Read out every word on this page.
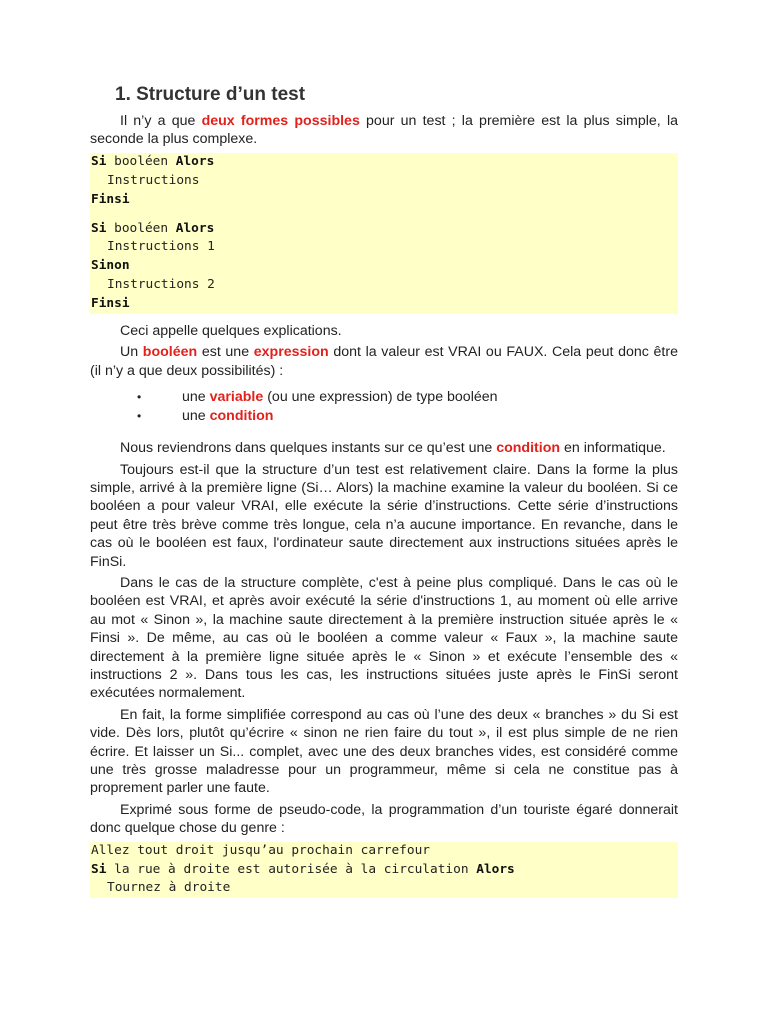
1. Structure d’un test

Il n’y a que deux formes possibles pour un test ; la première est la plus simple, la seconde la plus complexe.

Si booléen Alors
Instructions
Finsi
Si booléen Alors
Instructions 1
Sinon
Instructions 2
Finsi

Ceci appelle quelques explications.

Un booléen est une expression dont la valeur est VRAI ou FAUX. Cela peut donc être (il n’y a que deux possibilités) :

•	une variable (ou une expression) de type booléen
•	une condition

Nous reviendrons dans quelques instants sur ce qu’est une condition en informatique.

Toujours est-il que la structure d’un test est relativement claire. Dans la forme la plus simple, arrivé à la première ligne (Si… Alors) la machine examine la valeur du booléen. Si ce booléen a pour valeur VRAI, elle exécute la série d’instructions. Cette série d’instructions peut être très brève comme très longue, cela n’a aucune importance. En revanche, dans le cas où le booléen est faux, l'ordinateur saute directement aux instructions situées après le FinSi.

Dans le cas de la structure complète, c'est à peine plus compliqué. Dans le cas où le booléen est VRAI, et après avoir exécuté la série d'instructions 1, au moment où elle arrive au mot « Sinon », la machine saute directement à la première instruction située après le « Finsi ». De même, au cas où le booléen a comme valeur « Faux », la machine saute directement à la première ligne située après le « Sinon » et exécute l’ensemble des « instructions 2 ». Dans tous les cas, les instructions situées juste après le FinSi seront exécutées normalement.

En fait, la forme simplifiée correspond au cas où l’une des deux « branches » du Si est vide. Dès lors, plutôt qu’écrire « sinon ne rien faire du tout », il est plus simple de ne rien écrire. Et laisser un Si... complet, avec une des deux branches vides, est considéré comme une très grosse maladresse pour un programmeur, même si cela ne constitue pas à proprement parler une faute.

Exprimé sous forme de pseudo-code, la programmation d’un touriste égaré donnerait donc quelque chose du genre :

Allez tout droit jusqu’au prochain carrefour
Si la rue à droite est autorisée à la circulation Alors
Tournez à droite
